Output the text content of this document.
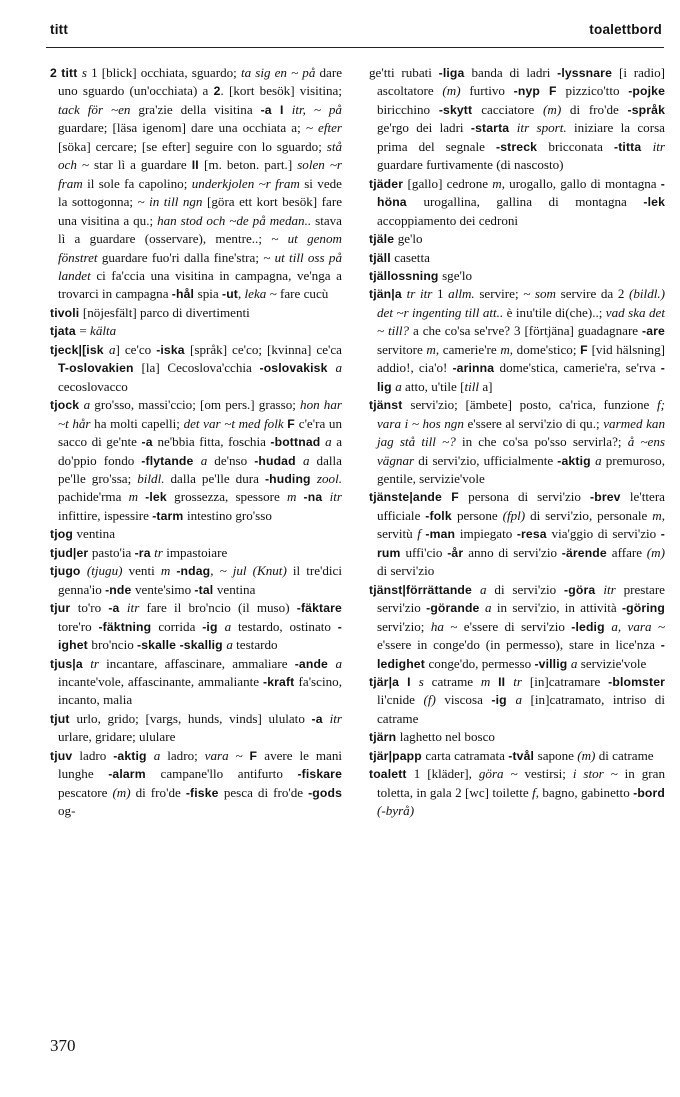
titt	toalettbord

2 titt s 1 [blick] occhiata, sguardo; ta sig en ~ på dare uno sguardo (un'occhiata) a 2. [kort besök] visitina; tack för ~en gra'zie della visitina -a I itr, ~ på guardare; [läsa igenom] dare una occhiata a; ~ efter [söka] cercare; [se efter] seguire con lo sguardo; stå och ~ star lì a guardare II [m. beton. part.] solen ~r fram il sole fa capolino; underkjolen ~r fram si vede la sottogonna; ~ in till ngn [göra ett kort besök] fare una visitina a qu.; han stod och ~de på medan.. stava lì a guardare (osservare), mentre..; ~ ut genom fönstret guardare fuo'ri dalla fine'stra; ~ ut till oss på landet ci fa'ccia una visitina in campagna, ve'nga a trovarci in campagna -hål spia -ut, leka ~ fare cucù

tivoli [nöjesfält] parco di divertimenti

tjata = kälta

tjeck|[isk a] ce'co -iska [språk] ce'co; [kvinna] ce'ca T-oslovakien [la] Cecoslova'cchia -oslovakisk a cecoslovacco

tjock a gro'sso, massi'ccio; [om pers.] grasso; hon har ~t hår ha molti capelli; det var ~t med folk F c'e'ra un sacco di ge'nte -a ne'bbia fitta, foschia -bottnad a a do'ppio fondo -flytande a de'nso -hudad a dalla pe'lle gro'ssa; bildl. dalla pe'lle dura -huding zool. pachide'rma m -lek grossezza, spessore m -na itr infittire, ispessire -tarm intestino gro'sso

tjog ventina

tjud|er pasto'ia -ra tr impastoiare

tjugo (tjugu) venti m -ndag, ~ jul (Knut) il tre'dici genna'io -nde vente'simo -tal ventina

tjur to'ro -a itr fare il bro'ncio (il muso) -fäktare tore'ro -fäktning corrida -ig a testardo, ostinato -ighet bro'ncio -skalle -skallig a testardo

tjus|a tr incantare, affascinare, ammaliare -ande a incante'vole, affascinante, ammaliante -kraft fa'scino, incanto, malia

tjut urlo, grido; [vargs, hunds, vinds] ululato -a itr urlare, gridare; ululare

tjuv ladro -aktig a ladro; vara ~ F avere le mani lunghe -alarm campane'llo antifurto -fiskare pescatore (m) di fro'de -fiske pesca di fro'de -gods og-

ge'tti rubati -liga banda di ladri -lyssnare [i radio] ascoltatore (m) furtivo -nyp F pizzico'tto -pojke biricchino -skytt cacciatore (m) di fro'de -språk ge'rgo dei ladri -starta itr sport. iniziare la corsa prima del segnale -streck bricconata -titta itr guardare furtivamente (di nascosto)

tjäder [gallo] cedrone m, urogallo, gallo di montagna -höna urogallina, gallina di montagna -lek accoppiamento dei cedroni

tjäle ge'lo

tjäll casetta

tjällossning sge'lo

tjän|a tr itr 1 allm. servire; ~ som servire da 2 (bildl.) det ~r ingenting till att.. è inu'tile di(che)..; vad ska det ~ till? a che co'sa se'rve? 3 [förtjäna] guadagnare -are servitore m, camerie're m, dome'stico; F [vid hälsning] addio!, cia'o! -arinna dome'stica, camerie'ra, se'rva -lig a atto, u'tile [till a]

tjänst servi'zio; [ämbete] posto, ca'rica, funzione f; vara i ~ hos ngn e'ssere al servi'zio di qu.; varmed kan jag stå till ~? in che co'sa po'sso servirla?; å ~ens vägnar di servi'zio, ufficialmente -aktig a premuroso, gentile, servizie'vole

tjänste|ande F persona di servi'zio -brev le'ttera ufficiale -folk persone (fpl) di servi'zio, personale m, servitù f -man impiegato -resa via'ggio di servi'zio -rum uffi'cio -år anno di servi'zio -ärende affare (m) di servi'zio

tjänst|förrättande a di servi'zio -göra itr prestare servi'zio -görande a in servi'zio, in attività -göring servi'zio; ha ~ e'ssere di servi'zio -ledig a, vara ~ e'ssere in conge'do (in permesso), stare in lice'nza -ledighet conge'do, permesso -villig a servizie'vole

tjär|a I s catrame m II tr [in]catramare -blomster li'cnide (f) viscosa -ig a [in]catramato, intriso di catrame

tjärn laghetto nel bosco

tjär|papp carta catramata -tvål sapone (m) di catrame

toalett 1 [kläder], göra ~ vestirsi; i stor ~ in gran toletta, in gala 2 [wc] toilette f, bagno, gabinetto -bord (-byrå)

370
